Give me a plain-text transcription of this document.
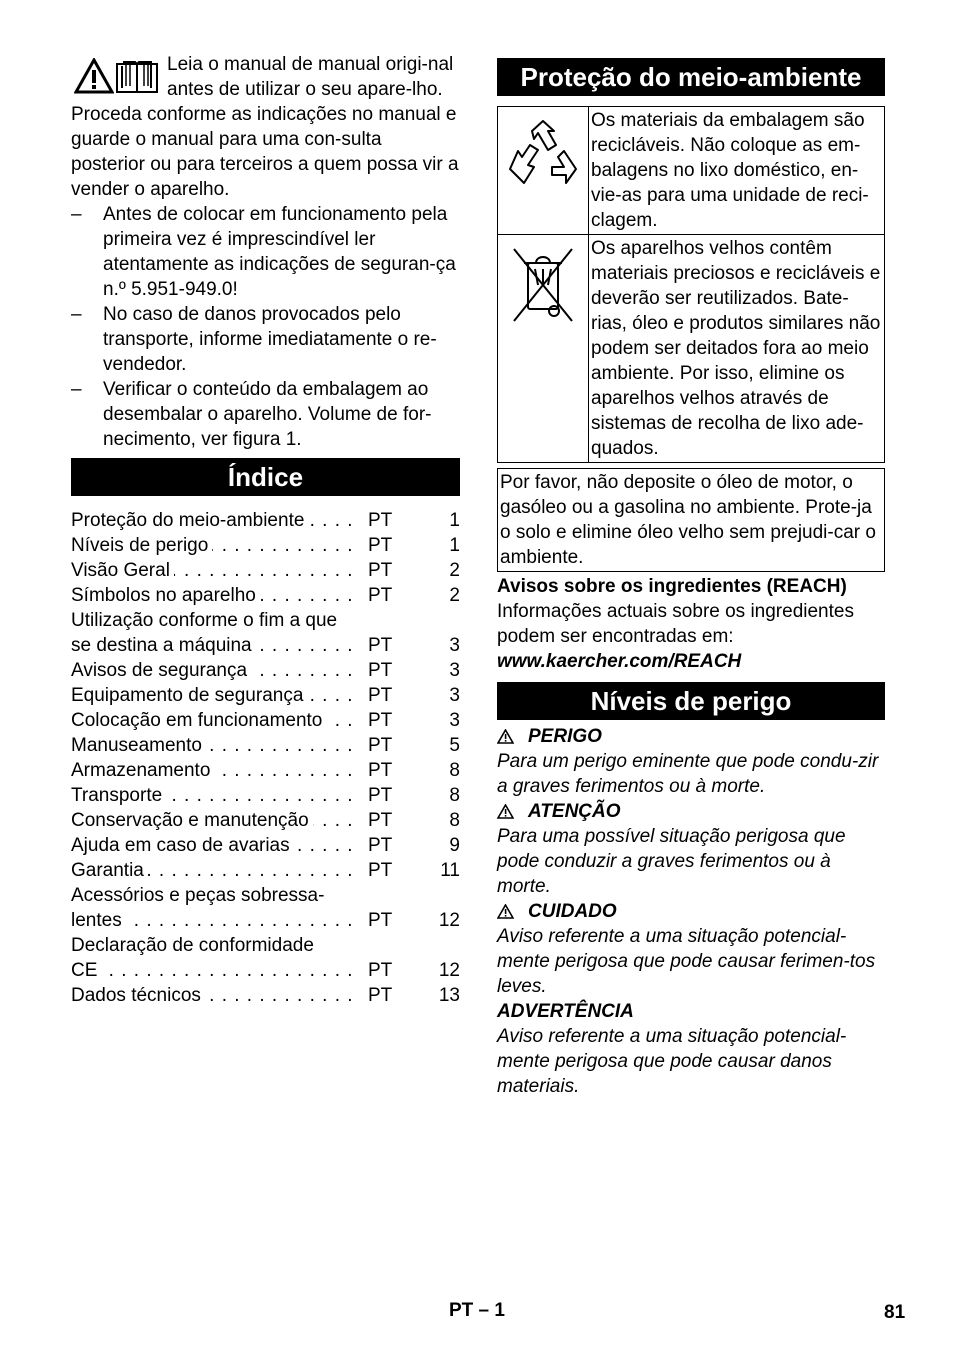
Leia o manual de manual origi-nal antes de utilizar o seu apare-lho. Proceda conforme as indicações no manual e guarde o manual para uma con-sulta posterior ou para terceiros a quem possa vir a vender o aparelho.

– Antes de colocar em funcionamento pela primeira vez é imprescindível ler atentamente as indicações de seguran-ça n.º 5.951-949.0!
– No caso de danos provocados pelo transporte, informe imediatamente o re-vendedor.
– Verificar o conteúdo da embalagem ao desembalar o aparelho. Volume de for-necimento, ver figura 1.
Índice
Proteção do meio-ambiente . . .	PT	1
Níveis de perigo . . .	PT	1
Visão Geral . . .	PT	2
Símbolos no aparelho . . .	PT	2
Utilização conforme o fim a que
se destina a máquina . . .	PT	3
Avisos de segurança . . .	PT	3
Equipamento de segurança . . .	PT	3
Colocação em funcionamento . . .	PT	3
Manuseamento . . .	PT	5
Armazenamento . . .	PT	8
Transporte . . .	PT	8
Conservação e manutenção . . .	PT	8
Ajuda em caso de avarias . . .	PT	9
Garantia . . .	PT	11
Acessórios e peças sobressa-
lentes . . .	PT	12
Declaração de conformidade
CE . . .	PT	12
Dados técnicos . . .	PT	13
Proteção do meio-ambiente
	Os materiais da embalagem são recicláveis. Não coloque as em-balagens no lixo doméstico, en-vie-as para uma unidade de reci-clagem.
	Os aparelhos velhos contêm materiais preciosos e recicláveis e deverão ser reutilizados. Bate-rias, óleo e produtos similares não podem ser deitados fora ao meio ambiente. Por isso, elimine os aparelhos velhos através de sistemas de recolha de lixo ade-quados.
Por favor, não deposite o óleo de motor, o gasóleo ou a gasolina no ambiente. Prote-ja o solo e elimine óleo velho sem prejudi-car o ambiente.

Avisos sobre os ingredientes (REACH)

Informações actuais sobre os ingredientes podem ser encontradas em:

www.kaercher.com/REACH

Níveis de perigo
PERIGO

Para um perigo eminente que pode condu-zir a graves ferimentos ou à morte.

ATENÇÃO

Para uma possível situação perigosa que pode conduzir a graves ferimentos ou à morte.

CUIDADO

Aviso referente a uma situação potencial-mente perigosa que pode causar ferimen-tos leves.

ADVERTÊNCIA

Aviso referente a uma situação potencial-mente perigosa que pode causar danos materiais.

PT – 1	81
